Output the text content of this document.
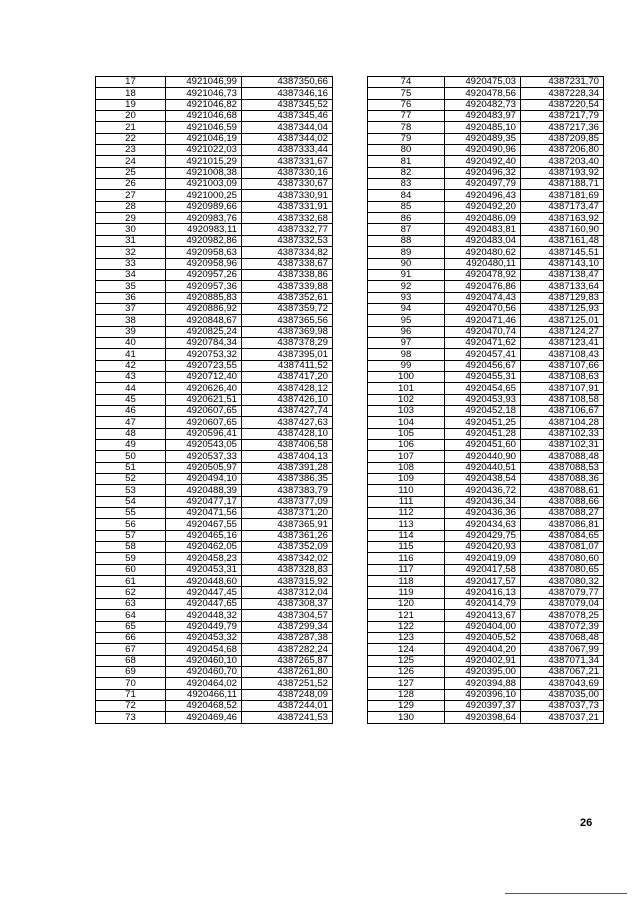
17	4921046,99	4387350,66
18	4921046,73	4387346,16
19	4921046,82	4387345,52
20	4921046,68	4387345,46
21	4921046,59	4387344,04
22	4921046,19	4387344,02
23	4921022,03	4387333,44
24	4921015,29	4387331,67
25	4921008,38	4387330,16
26	4921003,09	4387330,67
27	4921000,25	4387330,91
28	4920989,66	4387331,91
29	4920983,76	4387332,68
30	4920983,11	4387332,77
31	4920982,86	4387332,53
32	4920958,63	4387334,82
33	4920958,96	4387338,67
34	4920957,26	4387338,86
35	4920957,36	4387339,88
36	4920885,83	4387352,61
37	4920886,92	4387359,72
38	4920848,67	4387365,56
39	4920825,24	4387369,98
40	4920784,34	4387378,29
41	4920753,32	4387395,01
42	4920723,55	4387411,52
43	4920712,40	4387417,20
44	4920626,40	4387428,12
45	4920621,51	4387426,10
46	4920607,65	4387427,74
47	4920607,65	4387427,63
48	4920596,41	4387428,10
49	4920543,05	4387406,58
50	4920537,33	4387404,13
51	4920505,97	4387391,28
52	4920494,10	4387386,35
53	4920488,39	4387383,79
54	4920477,17	4387377,09
55	4920471,56	4387371,20
56	4920467,55	4387365,91
57	4920465,16	4387361,26
58	4920462,05	4387352,09
59	4920458,23	4387342,02
60	4920453,31	4387328,83
61	4920448,60	4387315,92
62	4920447,45	4387312,04
63	4920447,65	4387308,37
64	4920448,32	4387304,57
65	4920449,79	4387299,34
66	4920453,32	4387287,38
67	4920454,68	4387282,24
68	4920460,10	4387265,87
69	4920460,70	4387261,80
70	4920464,02	4387251,52
71	4920466,11	4387248,09
72	4920468,52	4387244,01
73	4920469,46	4387241,53
74	4920475,03	4387231,70
75	4920478,56	4387228,34
76	4920482,73	4387220,54
77	4920483,97	4387217,79
78	4920485,10	4387217,36
79	4920489,35	4387209,85
80	4920490,96	4387206,80
81	4920492,40	4387203,40
82	4920496,32	4387193,92
83	4920497,79	4387188,71
84	4920496,43	4387181,69
85	4920492,20	4387173,47
86	4920486,09	4387163,92
87	4920483,81	4387160,90
88	4920483,04	4387161,48
89	4920480,62	4387145,51
90	4920480,11	4387143,10
91	4920478,92	4387138,47
92	4920476,86	4387133,64
93	4920474,43	4387129,83
94	4920470,56	4387125,93
95	4920471,46	4387125,01
96	4920470,74	4387124,27
97	4920471,62	4387123,41
98	4920457,41	4387108,43
99	4920456,67	4387107,66
100	4920455,31	4387108,63
101	4920454,65	4387107,91
102	4920453,93	4387108,58
103	4920452,18	4387106,67
104	4920451,25	4387104,28
105	4920451,28	4387102,33
106	4920451,60	4387102,31
107	4920440,90	4387088,48
108	4920440,51	4387088,53
109	4920438,54	4387088,36
110	4920436,72	4387088,61
111	4920436,34	4387088,66
112	4920436,36	4387088,27
113	4920434,63	4387086,81
114	4920429,75	4387084,65
115	4920420,93	4387081,07
116	4920419,09	4387080,60
117	4920417,58	4387080,65
118	4920417,57	4387080,32
119	4920416,13	4387079,77
120	4920414,79	4387079,04
121	4920413,67	4387078,25
122	4920404,00	4387072,39
123	4920405,52	4387068,48
124	4920404,20	4387067,99
125	4920402,91	4387071,34
126	4920395,00	4387067,21
127	4920394,88	4387043,69
128	4920396,10	4387035,00
129	4920397,37	4387037,73
130	4920398,64	4387037,21
26
